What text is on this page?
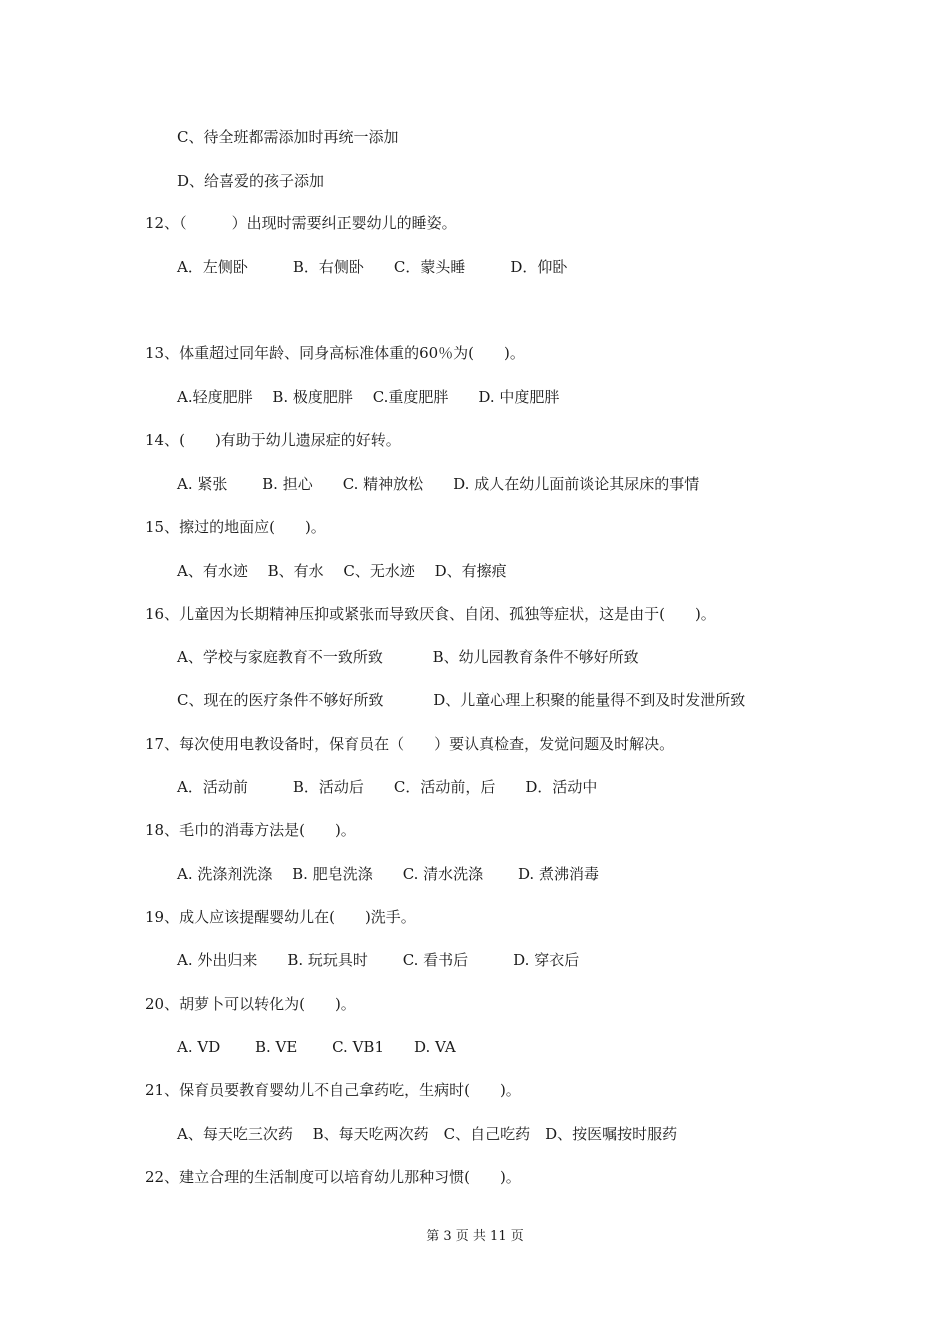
C、待全班都需添加时再统一添加
D、给喜爱的孩子添加
12、（　　　）出现时需要纠正婴幼儿的睡姿。
A．左侧卧　　　B．右侧卧　　C．蒙头睡　　　D．仰卧
13、体重超过同年龄、同身高标准体重的60％为(　　)。
A.轻度肥胖　 B. 极度肥胖　 C.重度肥胖　　D. 中度肥胖
14、(　　)有助于幼儿遗尿症的好转。
A. 紧张　　 B. 担心　　C. 精神放松　　D. 成人在幼儿面前谈论其尿床的事情
15、擦过的地面应(　　)。
A、有水迹　 B、有水　 C、无水迹　 D、有擦痕
16、儿童因为长期精神压抑或紧张而导致厌食、自闭、孤独等症状，这是由于(　　)。
A、学校与家庭教育不一致所致　　　 B、幼儿园教育条件不够好所致
C、现在的医疗条件不够好所致　　　 D、儿童心理上积聚的能量得不到及时发泄所致
17、每次使用电教设备时，保育员在（　　）要认真检查，发觉问题及时解决。
A．活动前　　　B．活动后　　C．活动前，后　　D．活动中
18、毛巾的消毒方法是(　　)。
A. 洗涤剂洗涤　 B. 肥皂洗涤　　C. 清水洗涤　　 D. 煮沸消毒
19、成人应该提醒婴幼儿在(　　)洗手。
A. 外出归来　　B. 玩玩具时　　 C. 看书后　　　D. 穿衣后
20、胡萝卜可以转化为(　　)。
A. VD　　 B. VE　　 C. VB1　　D. VA
21、保育员要教育婴幼儿不自己拿药吃，生病时(　　)。
A、每天吃三次药　 B、每天吃两次药　C、自己吃药　D、按医嘱按时服药
22、建立合理的生活制度可以培育幼儿那种习惯(　　)。
第 3 页 共 11 页
